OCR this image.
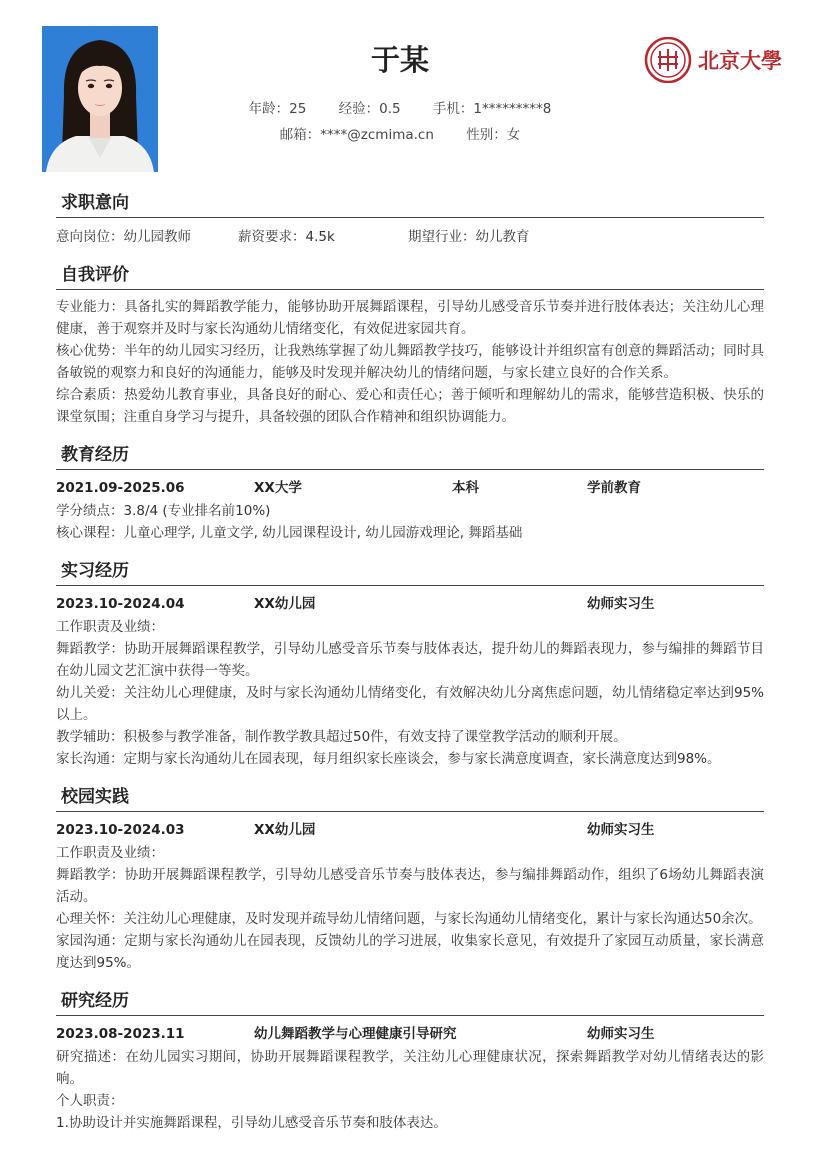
北京大學
于某
年龄：25 经验：0.5 手机：1*********8
邮箱：****@zcmima.cn 性别：女
求职意向
意向岗位：幼儿园教师	薪资要求：4.5k	期望行业：幼儿教育
自我评价
专业能力：具备扎实的舞蹈教学能力，能够协助开展舞蹈课程，引导幼儿感受音乐节奏并进行肢体表达；关注幼儿心理健康，善于观察并及时与家长沟通幼儿情绪变化，有效促进家园共育。
核心优势：半年的幼儿园实习经历，让我熟练掌握了幼儿舞蹈教学技巧，能够设计并组织富有创意的舞蹈活动；同时具备敏锐的观察力和良好的沟通能力，能够及时发现并解决幼儿的情绪问题，与家长建立良好的合作关系。
综合素质：热爱幼儿教育事业，具备良好的耐心、爱心和责任心；善于倾听和理解幼儿的需求，能够营造积极、快乐的课堂氛围；注重自身学习与提升，具备较强的团队合作精神和组织协调能力。
教育经历
2021.09-2025.06	XX大学	本科	学前教育
学分绩点：3.8/4 (专业排名前10%)
核心课程：儿童心理学, 儿童文学, 幼儿园课程设计, 幼儿园游戏理论, 舞蹈基础
实习经历
2023.10-2024.04	XX幼儿园	幼师实习生
工作职责及业绩：
舞蹈教学：协助开展舞蹈课程教学，引导幼儿感受音乐节奏与肢体表达，提升幼儿的舞蹈表现力，参与编排的舞蹈节目在幼儿园文艺汇演中获得一等奖。
幼儿关爱：关注幼儿心理健康，及时与家长沟通幼儿情绪变化，有效解决幼儿分离焦虑问题，幼儿情绪稳定率达到95%以上。
教学辅助：积极参与教学准备，制作教学教具超过50件，有效支持了课堂教学活动的顺利开展。
家长沟通：定期与家长沟通幼儿在园表现，每月组织家长座谈会，参与家长满意度调查，家长满意度达到98%。
校园实践
2023.10-2024.03	XX幼儿园	幼师实习生
工作职责及业绩：
舞蹈教学：协助开展舞蹈课程教学，引导幼儿感受音乐节奏与肢体表达，参与编排舞蹈动作，组织了6场幼儿舞蹈表演活动。
心理关怀：关注幼儿心理健康，及时发现并疏导幼儿情绪问题，与家长沟通幼儿情绪变化，累计与家长沟通达50余次。
家园沟通：定期与家长沟通幼儿在园表现，反馈幼儿的学习进展，收集家长意见，有效提升了家园互动质量，家长满意度达到95%。
研究经历
2023.08-2023.11	幼儿舞蹈教学与心理健康引导研究	幼师实习生
研究描述：在幼儿园实习期间，协助开展舞蹈课程教学，关注幼儿心理健康状况，探索舞蹈教学对幼儿情绪表达的影响。
个人职责：
1.协助设计并实施舞蹈课程，引导幼儿感受音乐节奏和肢体表达。
